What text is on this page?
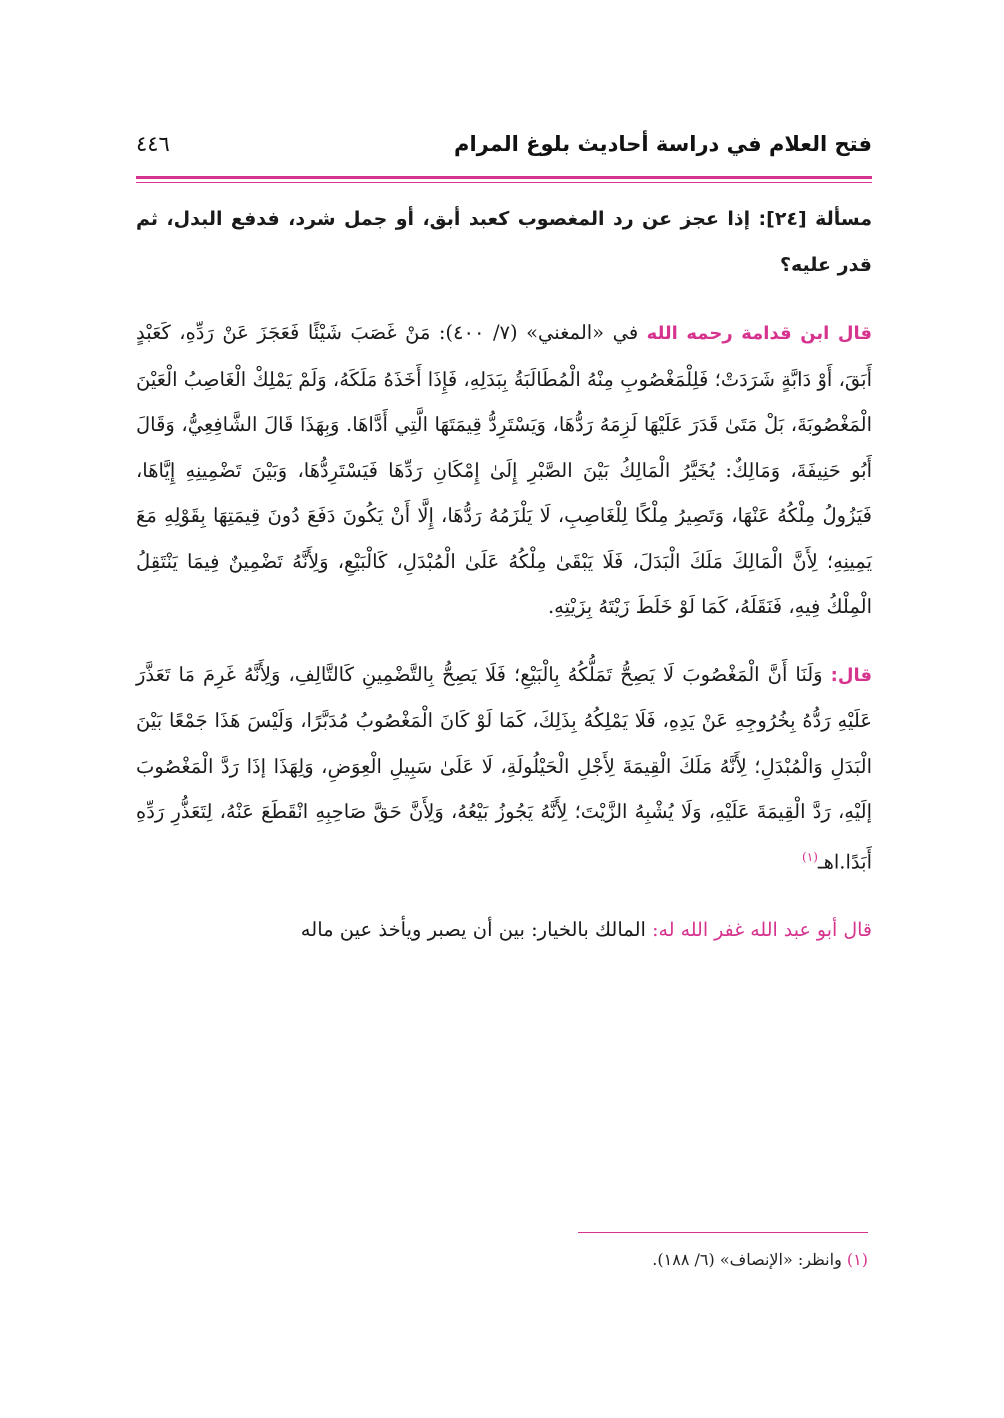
فتح العلام في دراسة أحاديث بلوغ المرام
٤٤٦

مسألة [٢٤]: إذا عجز عن رد المغصوب كعبد أبق، أو جمل شرد، فدفع البدل، ثم قدر عليه؟

قال ابن قدامة رحمه الله في «المغني» (٧/ ٤٠٠): مَنْ غَصَبَ شَيْئًا فَعَجَزَ عَنْ رَدِّهِ، كَعَبْدٍ أَبَقَ، أَوْ دَابَّةٍ شَرَدَتْ؛ فَلِلْمَغْصُوبِ مِنْهُ الْمُطَالَبَةُ بِبَدَلِهِ، فَإِذَا أَخَذَهُ مَلَكَهُ، وَلَمْ يَمْلِكْ الْغَاصِبُ الْعَيْنَ الْمَغْصُوبَةَ، بَلْ مَتَىٰ قَدَرَ عَلَيْهَا لَزِمَهُ رَدُّهَا، وَيَسْتَرِدُّ قِيمَتَهَا الَّتِي أَدَّاهَا. وَبِهَذَا قَالَ الشَّافِعِيُّ، وَقَالَ أَبُو حَنِيفَةَ، وَمَالِكٌ: يُخَيَّرُ الْمَالِكُ بَيْنَ الصَّبْرِ إِلَىٰ إِمْكَانِ رَدِّهَا فَيَسْتَرِدُّهَا، وَبَيْنَ تَضْمِينِهِ إِيَّاهَا، فَيَزُولُ مِلْكُهُ عَنْهَا، وَتَصِيرُ مِلْكًا لِلْغَاصِبِ، لَا يَلْزَمُهُ رَدُّهَا، إِلَّا أَنْ يَكُونَ دَفَعَ دُونَ قِيمَتِهَا بِقَوْلِهِ مَعَ يَمِينِهِ؛ لِأَنَّ الْمَالِكَ مَلَكَ الْبَدَلَ، فَلَا يَبْقَىٰ مِلْكُهُ عَلَىٰ الْمُبْدَلِ، كَالْبَيْعِ، وَلِأَنَّهُ تَضْمِينٌ فِيمَا يَنْتَقِلُ الْمِلْكُ فِيهِ، فَنَقَلَهُ، كَمَا لَوْ خَلَطَ زَيْتَهُ بِزَيْتِهِ.

قال: وَلَنَا أَنَّ الْمَغْصُوبَ لَا يَصِحُّ تَمَلُّكُهُ بِالْبَيْعِ؛ فَلَا يَصِحُّ بِالتَّضْمِينِ كَالتَّالِفِ، وَلِأَنَّهُ غَرِمَ مَا تَعَذَّرَ عَلَيْهِ رَدُّهُ بِخُرُوجِهِ عَنْ يَدِهِ، فَلَا يَمْلِكُهُ بِذَلِكَ، كَمَا لَوْ كَانَ الْمَغْصُوبُ مُدَبَّرًا، وَلَيْسَ هَذَا جَمْعًا بَيْنَ الْبَدَلِ وَالْمُبْدَلِ؛ لِأَنَّهُ مَلَكَ الْقِيمَةَ لِأَجْلِ الْحَيْلُولَةِ، لَا عَلَىٰ سَبِيلِ الْعِوَضِ، وَلِهَذَا إذَا رَدَّ الْمَغْصُوبَ إلَيْهِ، رَدَّ الْقِيمَةَ عَلَيْهِ، وَلَا يُشْبِهُ الزَّيْتَ؛ لِأَنَّهُ يَجُوزُ بَيْعُهُ، وَلِأَنَّ حَقَّ صَاحِبِهِ انْقَطَعَ عَنْهُ، لِتَعَذُّرِ رَدِّهِ أَبَدًا.اهـ$^{(١)}$

قال أبو عبد الله غفر الله له: المالك بالخيار: بين أن يصبر ويأخذ عين ماله

(١) وانظر: «الإنصاف» (٦/ ١٨٨).
